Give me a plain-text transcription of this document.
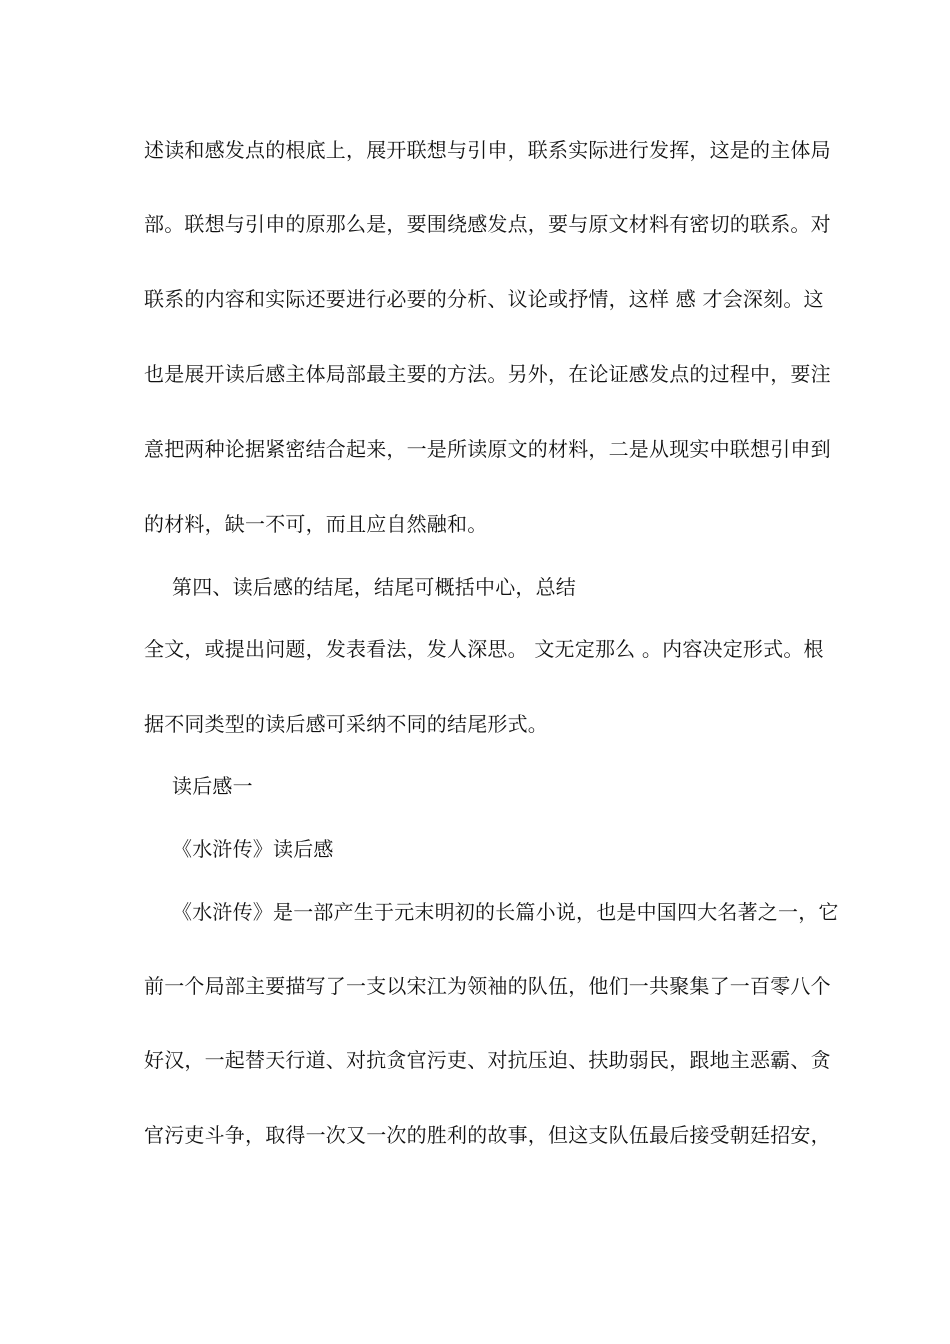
述读和感发点的根底上，展开联想与引申，联系实际进行发挥，这是的主体局
部。联想与引申的原那么是，要围绕感发点，要与原文材料有密切的联系。对
联系的内容和实际还要进行必要的分析、议论或抒情，这样 感 才会深刻。这
也是展开读后感主体局部最主要的方法。另外，在论证感发点的过程中，要注
意把两种论据紧密结合起来，一是所读原文的材料，二是从现实中联想引申到
的材料，缺一不可，而且应自然融和。
第四、读后感的结尾，结尾可概括中心，总结
全文，或提出问题，发表看法，发人深思。 文无定那么 。内容决定形式。根
据不同类型的读后感可采纳不同的结尾形式。
读后感一
《水浒传》读后感
《水浒传》是一部产生于元末明初的长篇小说，也是中国四大名著之一，它
前一个局部主要描写了一支以宋江为领袖的队伍，他们一共聚集了一百零八个
好汉，一起替天行道、对抗贪官污吏、对抗压迫、扶助弱民，跟地主恶霸、贪
官污吏斗争，取得一次又一次的胜利的故事，但这支队伍最后接受朝廷招安，
